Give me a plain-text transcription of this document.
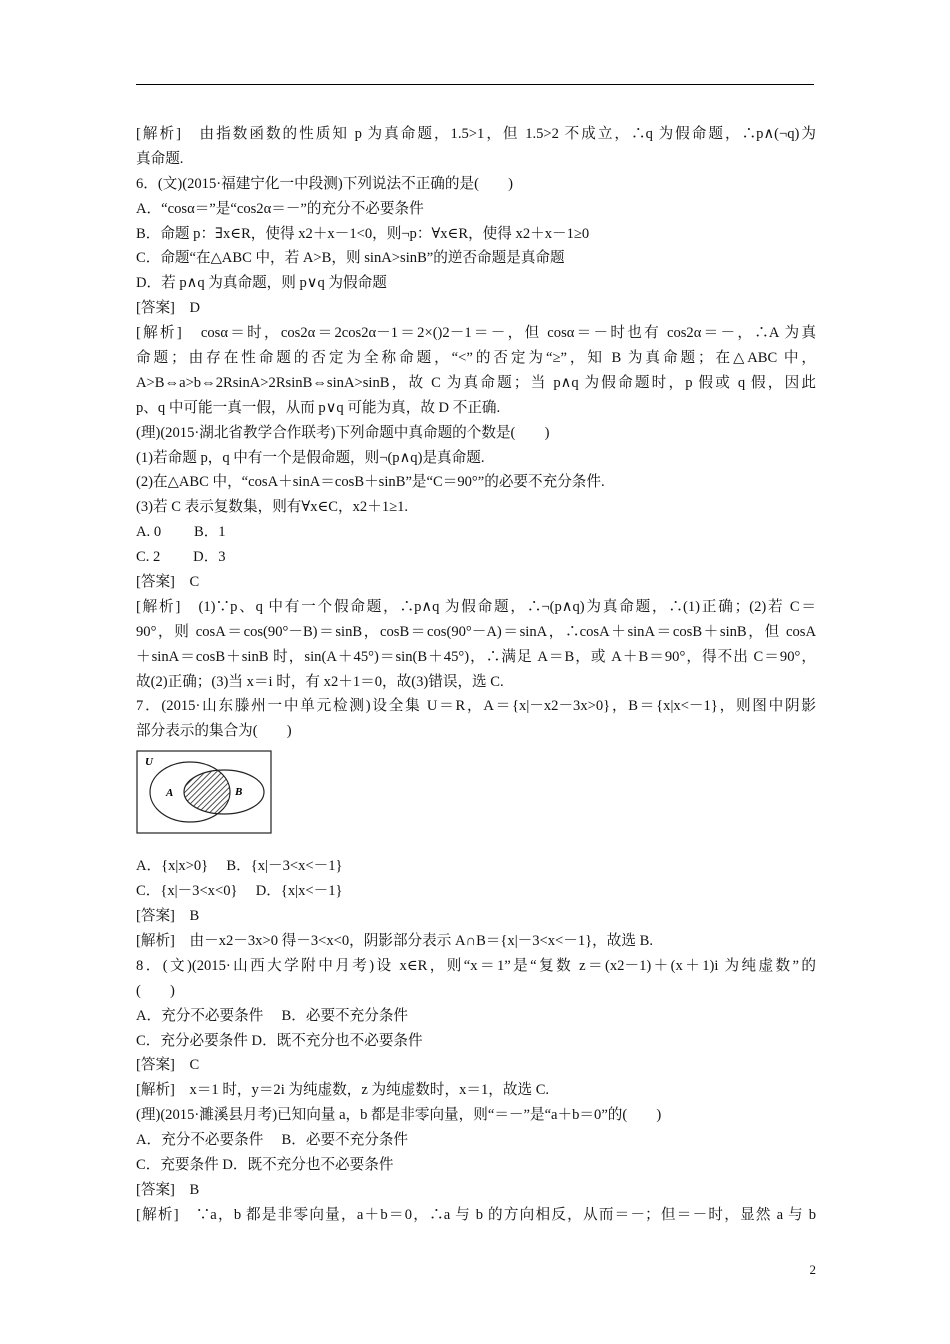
[解析]　由指数函数的性质知 p 为真命题，1.5>1，但 1.5>2 不成立，∴q 为假命题，∴p∧(¬q)为
真命题.
6．(文)(2015·福建宁化一中段测)下列说法不正确的是(　　)
A．“cosα＝”是“cos2α＝－”的充分不必要条件
B．命题 p：∃x∈R，使得 x2＋x－1<0，则¬p：∀x∈R，使得 x2＋x－1≥0
C．命题“在△ABC 中，若 A>B，则 sinA>sinB”的逆否命题是真命题
D．若 p∧q 为真命题，则 p∨q 为假命题
[答案]　D
[解析]　cosα＝时，cos2α＝2cos2α－1＝2×()2－1＝－，但 cosα＝－时也有 cos2α＝－，∴A 为真
命题；由存在性命题的否定为全称命题，“<”的否定为“≥”，知 B 为真命题；在△ABC 中，
A>B⇔a>b⇔2RsinA>2RsinB⇔sinA>sinB，故 C 为真命题；当 p∧q 为假命题时，p 假或 q 假，因此
p、q 中可能一真一假，从而 p∨q 可能为真，故 D 不正确.
(理)(2015·湖北省教学合作联考)下列命题中真命题的个数是(　　)
(1)若命题 p，q 中有一个是假命题，则¬(p∧q)是真命题.
(2)在△ABC 中，“cosA＋sinA＝cosB＋sinB”是“C＝90°”的必要不充分条件.
(3)若 C 表示复数集，则有∀x∈C，x2＋1≥1.
A. 0　　 B．1
C. 2　　 D．3
[答案]　C
[解析]　(1)∵p、q 中有一个假命题，∴p∧q 为假命题，∴¬(p∧q)为真命题，∴(1)正确；(2)若 C＝
90°，则 cosA＝cos(90°－B)＝sinB，cosB＝cos(90°－A)＝sinA，∴cosA＋sinA＝cosB＋sinB，但 cosA
＋sinA＝cosB＋sinB 时，sin(A＋45°)＝sin(B＋45°)，∴满足 A＝B，或 A＋B＝90°，得不出 C＝90°，
故(2)正确；(3)当 x＝i 时，有 x2＋1＝0，故(3)错误，选 C.
7．(2015·山东滕州一中单元检测)设全集 U＝R，A＝{x|－x2－3x>0}，B＝{x|x<－1}，则图中阴影
部分表示的集合为(　　)
U
A	B
A．{x|x>0}　 B．{x|－3<x<－1}
C．{x|－3<x<0}　 D．{x|x<－1}
[答案]　B
[解析]　由－x2－3x>0 得－3<x<0，阴影部分表示 A∩B＝{x|－3<x<－1}，故选 B.
8．(文)(2015·山西大学附中月考)设 x∈R，则“x＝1”是“复数 z＝(x2－1)＋(x＋1)i 为纯虚数”的
(　　)
A．充分不必要条件　 B．必要不充分条件
C．充分必要条件 D．既不充分也不必要条件
[答案]　C
[解析]　x＝1 时，y＝2i 为纯虚数，z 为纯虚数时，x＝1，故选 C.
(理)(2015·濉溪县月考)已知向量 a，b 都是非零向量，则“＝－”是“a＋b＝0”的(　　)
A．充分不必要条件　 B．必要不充分条件
C．充要条件 D．既不充分也不必要条件
[答案]　B
[解析]　∵a，b 都是非零向量，a＋b＝0，∴a 与 b 的方向相反，从而＝－；但＝－时，显然 a 与 b
2
